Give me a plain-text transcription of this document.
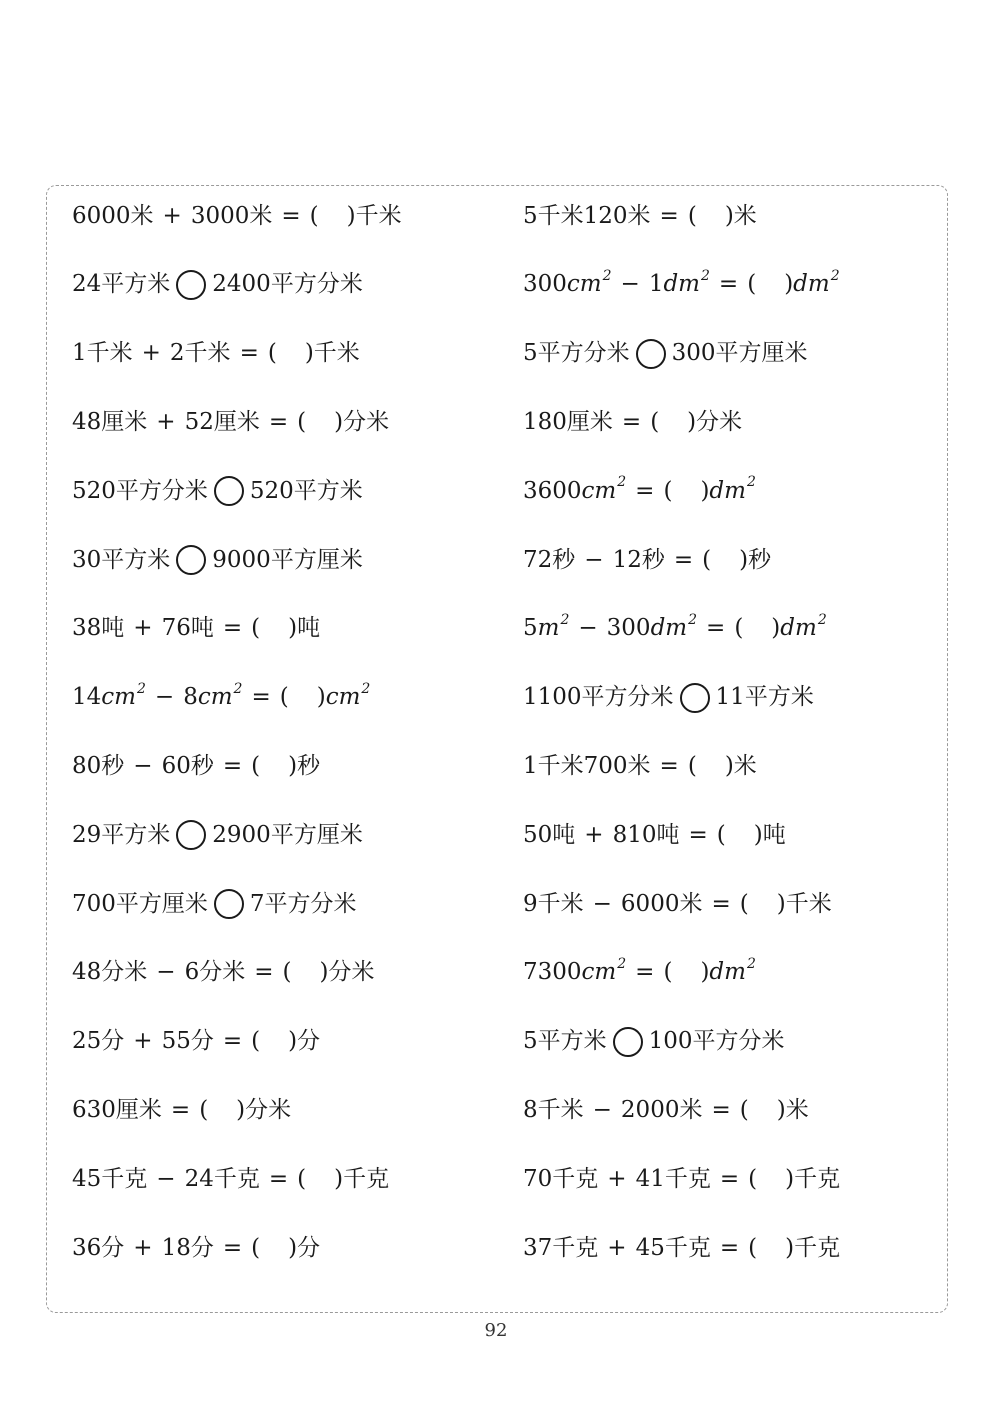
6000米 + 3000米 = ( )千米
24平方米 2400平方分米
1千米 + 2千米 = ( )千米
48厘米 + 52厘米 = ( )分米
520平方分米 520平方米
30平方米 9000平方厘米
38吨 + 76吨 = ( )吨
14 cm 2 − 8 cm 2 = ( ) cm 2
80秒 − 60秒 = ( )秒
29平方米 2900平方厘米
700平方厘米 7平方分米
48分米 − 6分米 = ( )分米
25分 + 55分 = ( )分
630厘米 = ( )分米
45千克 − 24千克 = ( )千克
36分 + 18分 = ( )分
5千米120米 = ( )米
300 cm 2 − 1 dm 2 = ( ) dm 2
5平方分米 300平方厘米
180厘米 = ( )分米
3600 cm 2 = ( ) dm 2
72秒 − 12秒 = ( )秒
5 m 2 − 300 dm 2 = ( ) dm 2
1100平方分米 11平方米
1千米700米 = ( )米
50吨 + 810吨 = ( )吨
9千米 − 6000米 = ( )千米
7300 cm 2 = ( ) dm 2
5平方米 100平方分米
8千米 − 2000米 = ( )米
70千克 + 41千克 = ( )千克
37千克 + 45千克 = ( )千克
92
